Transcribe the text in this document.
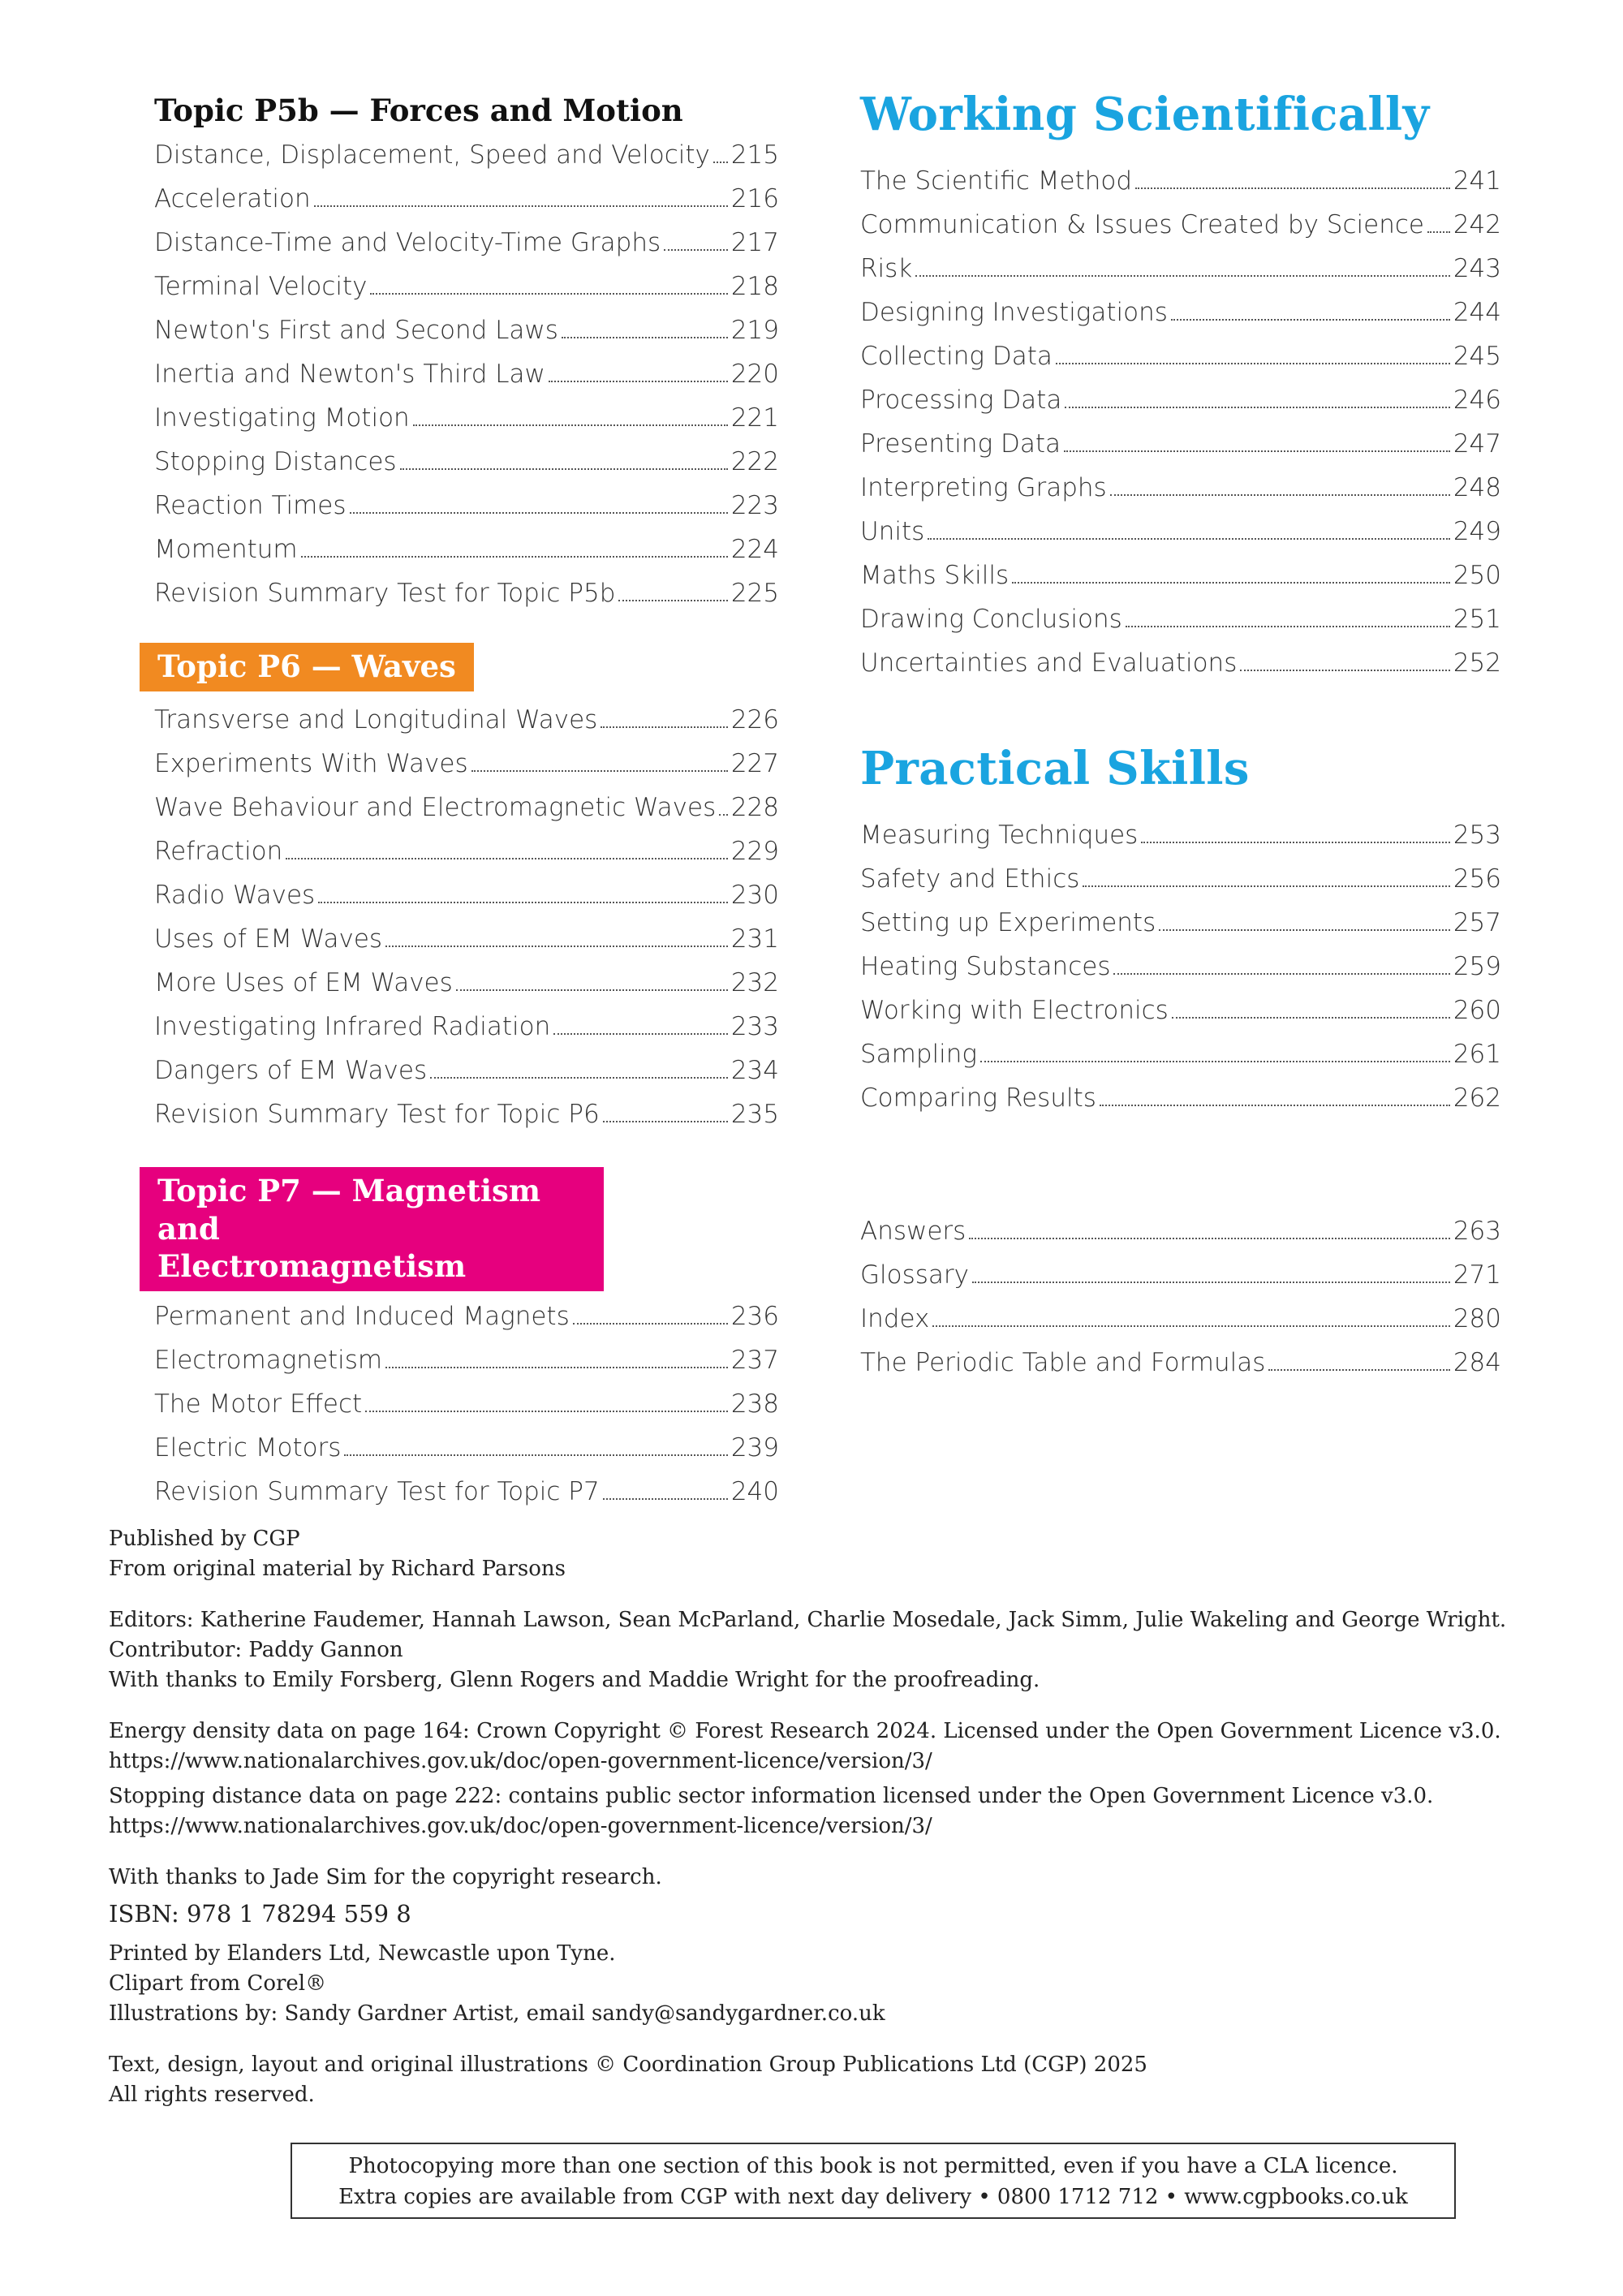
Topic P5b — Forces and Motion
Distance, Displacement, Speed and Velocity 215
Acceleration	216
Distance-Time and Velocity-Time Graphs	217
Terminal Velocity	218
Newton's First and Second Laws	219
Inertia and Newton's Third Law	220
Investigating Motion	221
Stopping Distances	222
Reaction Times	223
Momentum	224
Revision Summary Test for Topic P5b	225
Topic P6 — Waves
Transverse and Longitudinal Waves	226
Experiments With Waves	227
Wave Behaviour and Electromagnetic Waves 228
Refraction	229
Radio Waves	230
Uses of EM Waves	231
More Uses of EM Waves	232
Investigating Infrared Radiation	233
Dangers of EM Waves	234
Revision Summary Test for Topic P6	235
Topic P7 — Magnetism and
Electromagnetism
Permanent and Induced Magnets	236
Electromagnetism	237
The Motor Effect	238
Electric Motors	239
Revision Summary Test for Topic P7	240
Working Scientifically
The Scientific Method	241
Communication & Issues Created by Science 242
Risk	243
Designing Investigations	244
Collecting Data	245
Processing Data	246
Presenting Data	247
Interpreting Graphs	248
Units	249
Maths Skills	250
Drawing Conclusions	251
Uncertainties and Evaluations	252
Practical Skills
Measuring Techniques	253
Safety and Ethics	256
Setting up Experiments	257
Heating Substances	259
Working with Electronics	260
Sampling	261
Comparing Results	262
Answers	263
Glossary	271
Index	280
The Periodic Table and Formulas	284

Published by CGP

From original material by Richard Parsons

Editors: Katherine Faudemer, Hannah Lawson, Sean McParland, Charlie Mosedale, Jack Simm, Julie Wakeling and George Wright.

Contributor: Paddy Gannon

With thanks to Emily Forsberg, Glenn Rogers and Maddie Wright for the proofreading.

Energy density data on page 164: Crown Copyright © Forest Research 2024. Licensed under the Open Government Licence v3.0.

https://www.nationalarchives.gov.uk/doc/open-government-licence/version/3/

Stopping distance data on page 222: contains public sector information licensed under the Open Government Licence v3.0.

https://www.nationalarchives.gov.uk/doc/open-government-licence/version/3/

With thanks to Jade Sim for the copyright research.

ISBN: 978 1 78294 559 8

Printed by Elanders Ltd, Newcastle upon Tyne.

Clipart from Corel®

Illustrations by: Sandy Gardner Artist, email sandy@sandygardner.co.uk

Text, design, layout and original illustrations © Coordination Group Publications Ltd (CGP) 2025

All rights reserved.

Photocopying more than one section of this book is not permitted, even if you have a CLA licence.
Extra copies are available from CGP with next day delivery • 0800 1712 712 • www.cgpbooks.co.uk
